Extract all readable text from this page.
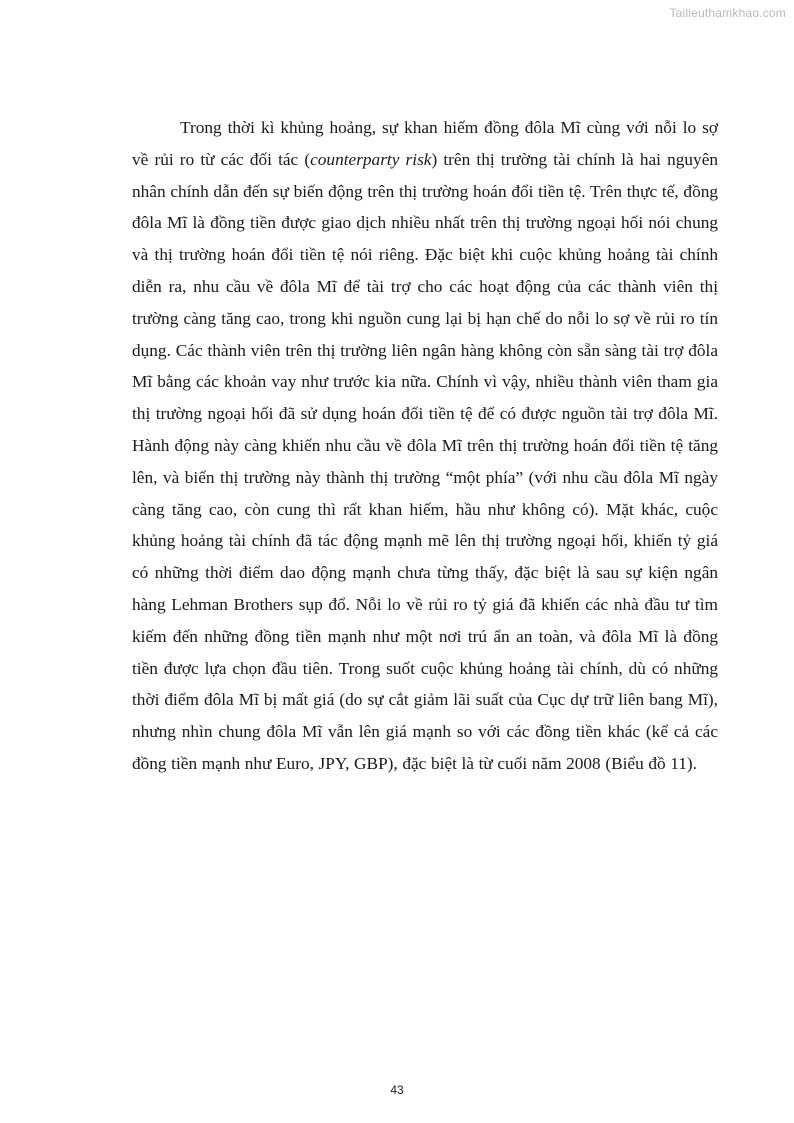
Tailieuthamkhao.com

Trong thời kì khủng hoảng, sự khan hiếm đồng đôla Mĩ cùng với nỗi lo sợ về rủi ro từ các đối tác (counterparty risk) trên thị trường tài chính là hai nguyên nhân chính dẫn đến sự biến động trên thị trường hoán đổi tiền tệ. Trên thực tế, đồng đôla Mĩ là đồng tiền được giao dịch nhiều nhất trên thị trường ngoại hối nói chung và thị trường hoán đổi tiền tệ nói riêng. Đặc biệt khi cuộc khủng hoảng tài chính diễn ra, nhu cầu về đôla Mĩ để tài trợ cho các hoạt động của các thành viên thị trường càng tăng cao, trong khi nguồn cung lại bị hạn chế do nỗi lo sợ về rủi ro tín dụng. Các thành viên trên thị trường liên ngân hàng không còn sẵn sàng tài trợ đôla Mĩ bằng các khoản vay như trước kia nữa. Chính vì vậy, nhiều thành viên tham gia thị trường ngoại hối đã sử dụng hoán đổi tiền tệ để có được nguồn tài trợ đôla Mĩ. Hành động này càng khiến nhu cầu về đôla Mĩ trên thị trường hoán đổi tiền tệ tăng lên, và biến thị trường này thành thị trường “một phía” (với nhu cầu đôla Mĩ ngày càng tăng cao, còn cung thì rất khan hiếm, hầu như không có). Mặt khác, cuộc khủng hoảng tài chính đã tác động mạnh mẽ lên thị trường ngoại hối, khiến tỷ giá có những thời điểm dao động mạnh chưa từng thấy, đặc biệt là sau sự kiện ngân hàng Lehman Brothers sụp đổ. Nỗi lo về rủi ro tỷ giá đã khiến các nhà đầu tư tìm kiếm đến những đồng tiền mạnh như một nơi trú ẩn an toàn, và đôla Mĩ là đồng tiền được lựa chọn đầu tiên. Trong suốt cuộc khủng hoảng tài chính, dù có những thời điểm đôla Mĩ bị mất giá (do sự cắt giảm lãi suất của Cục dự trữ liên bang Mĩ), nhưng nhìn chung đôla Mĩ vẫn lên giá mạnh so với các đồng tiền khác (kể cả các đồng tiền mạnh như Euro, JPY, GBP), đặc biệt là từ cuối năm 2008 (Biểu đồ 11).

43
